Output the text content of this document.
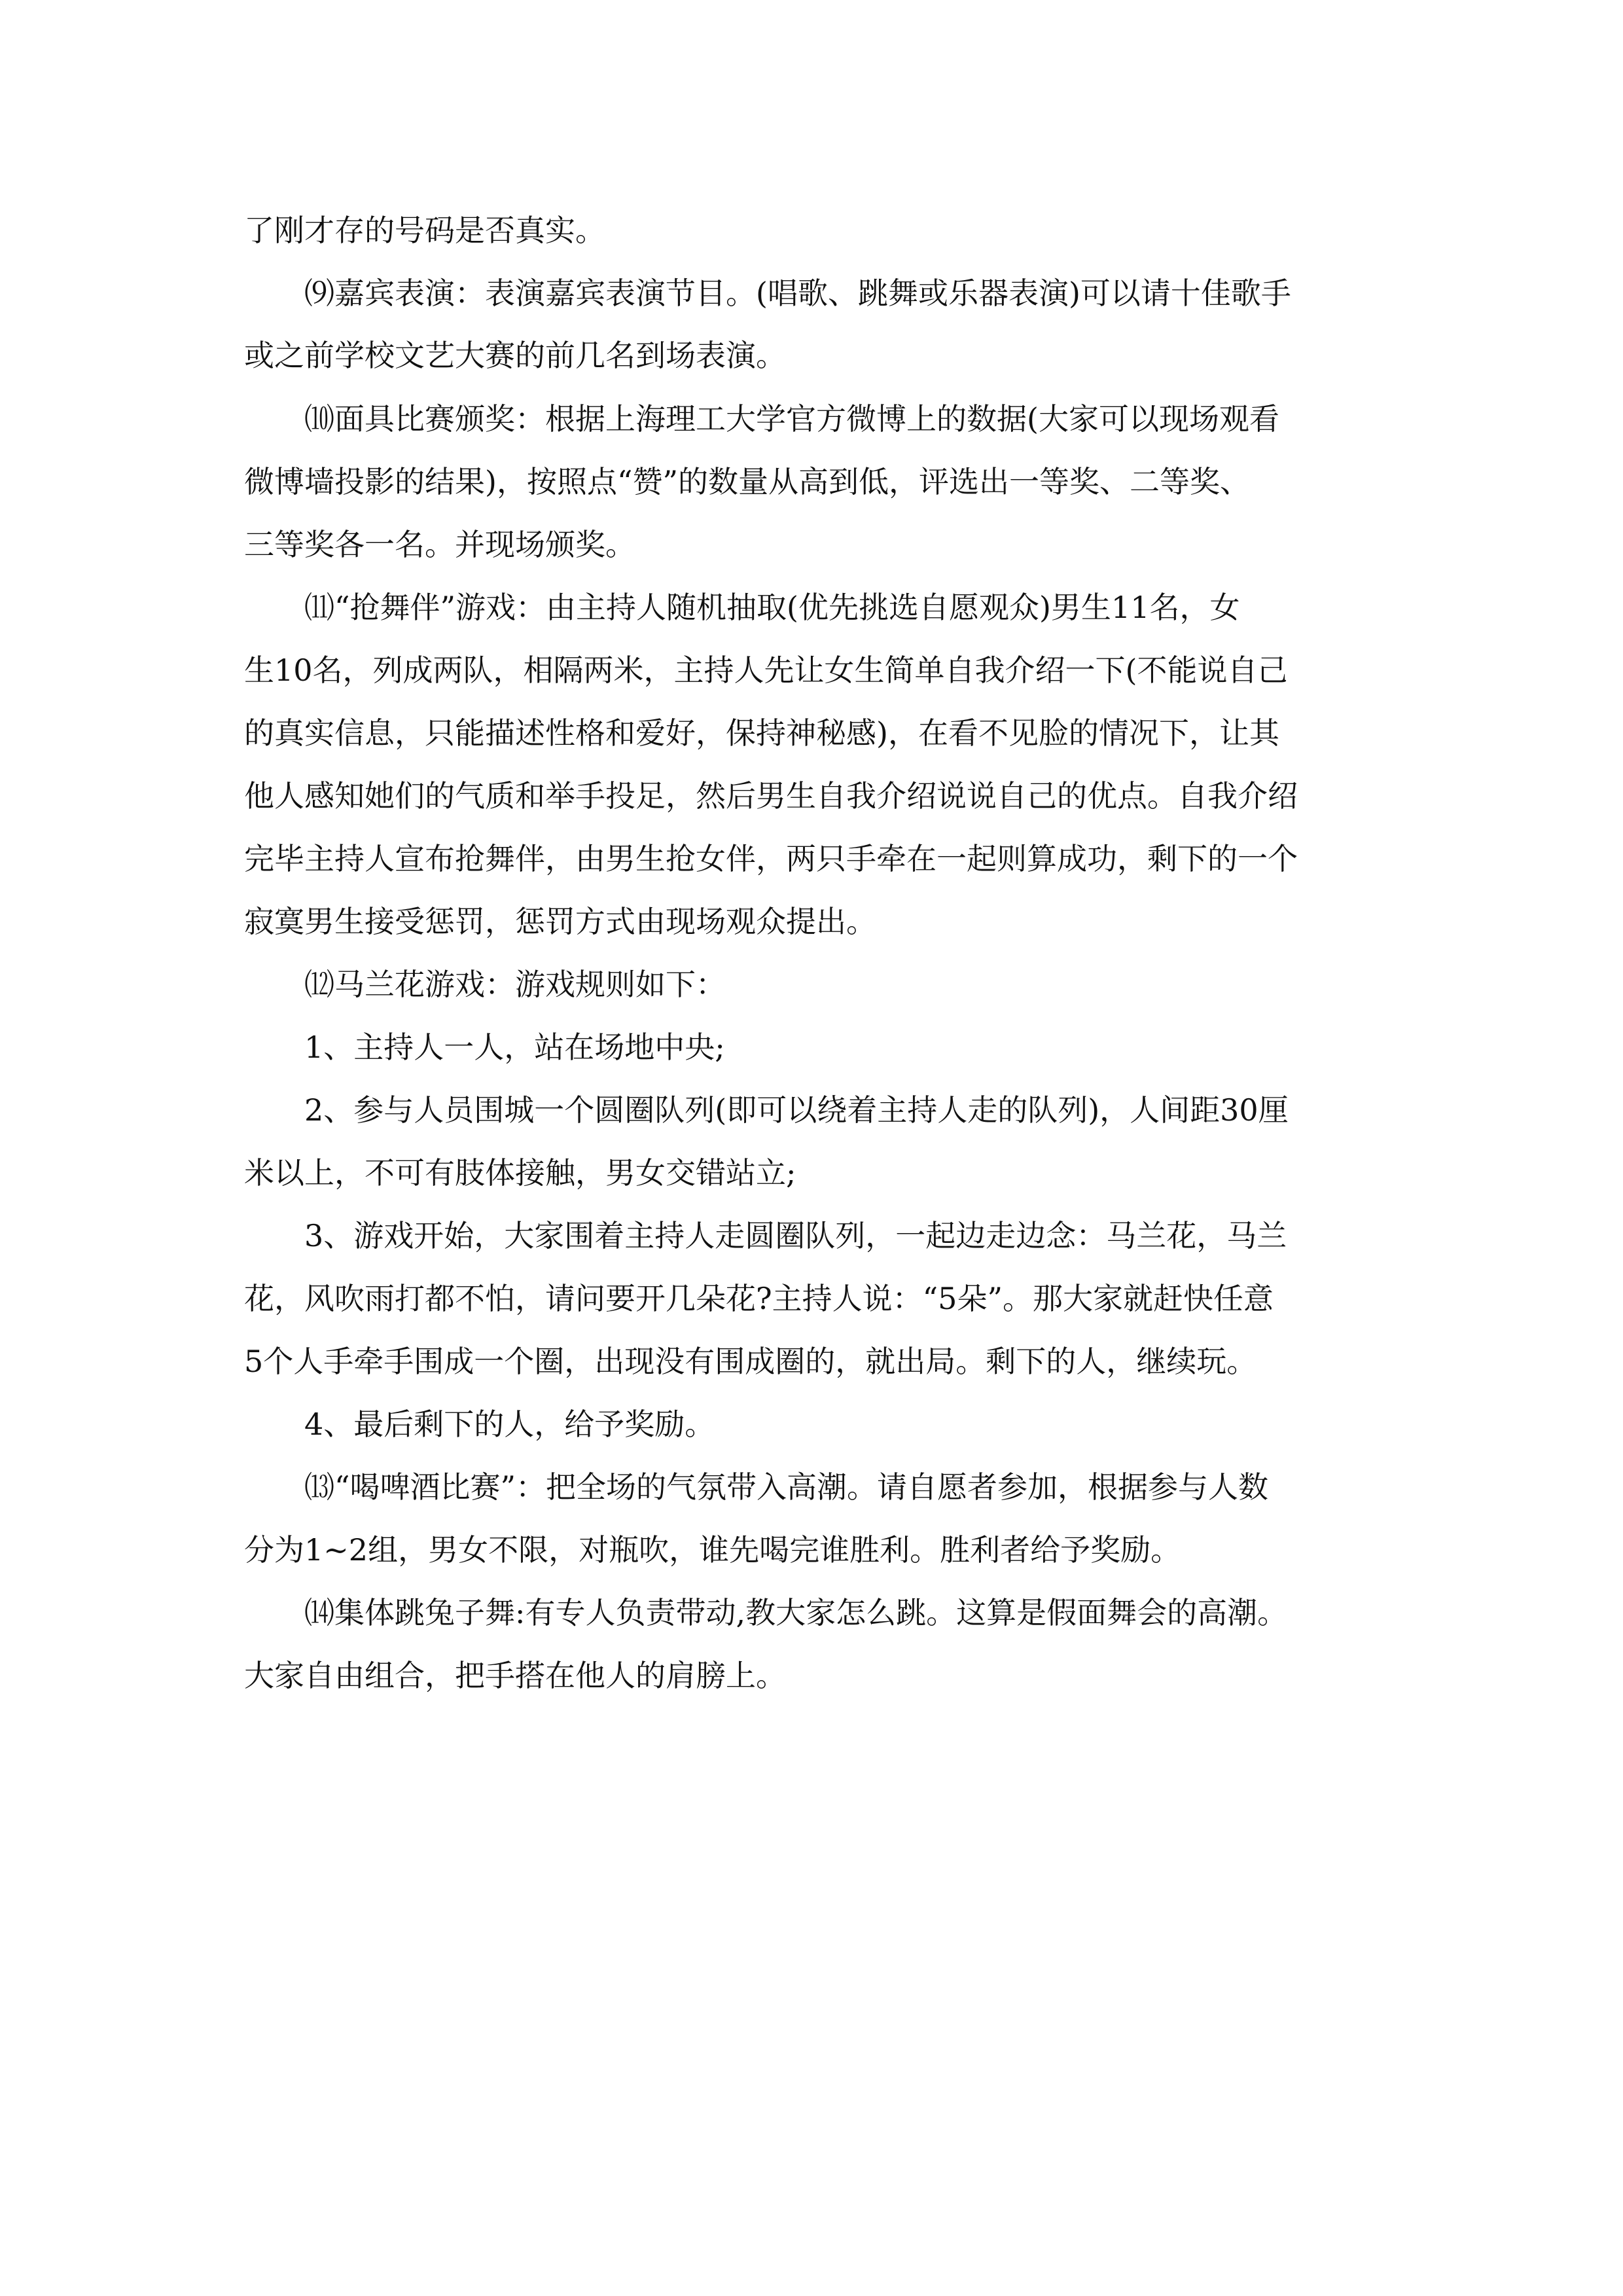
了刚才存的号码是否真实。
⑼嘉宾表演：表演嘉宾表演节目。(唱歌、跳舞或乐器表演)可以请十佳歌手
或之前学校文艺大赛的前几名到场表演。
⑽面具比赛颁奖：根据上海理工大学官方微博上的数据(大家可以现场观看
微博墙投影的结果)，按照点“赞”的数量从高到低，评选出一等奖、二等奖、
三等奖各一名。并现场颁奖。
⑾“抢舞伴”游戏：由主持人随机抽取(优先挑选自愿观众)男生11名，女
生10名，列成两队，相隔两米，主持人先让女生简单自我介绍一下(不能说自己
的真实信息，只能描述性格和爱好，保持神秘感)，在看不见脸的情况下，让其
他人感知她们的气质和举手投足，然后男生自我介绍说说自己的优点。自我介绍
完毕主持人宣布抢舞伴，由男生抢女伴，两只手牵在一起则算成功，剩下的一个
寂寞男生接受惩罚，惩罚方式由现场观众提出。
⑿马兰花游戏：游戏规则如下：
1、主持人一人，站在场地中央;
2、参与人员围城一个圆圈队列(即可以绕着主持人走的队列)，人间距30厘
米以上，不可有肢体接触，男女交错站立;
3、游戏开始，大家围着主持人走圆圈队列，一起边走边念：马兰花，马兰
花，风吹雨打都不怕，请问要开几朵花?主持人说：“5朵”。那大家就赶快任意
5个人手牵手围成一个圈，出现没有围成圈的，就出局。剩下的人，继续玩。
4、最后剩下的人，给予奖励。
⒀“喝啤酒比赛”：把全场的气氛带入高潮。请自愿者参加，根据参与人数
分为1~2组，男女不限，对瓶吹，谁先喝完谁胜利。胜利者给予奖励。
⒁集体跳兔子舞:有专人负责带动,教大家怎么跳。这算是假面舞会的高潮。
大家自由组合，把手搭在他人的肩膀上。
